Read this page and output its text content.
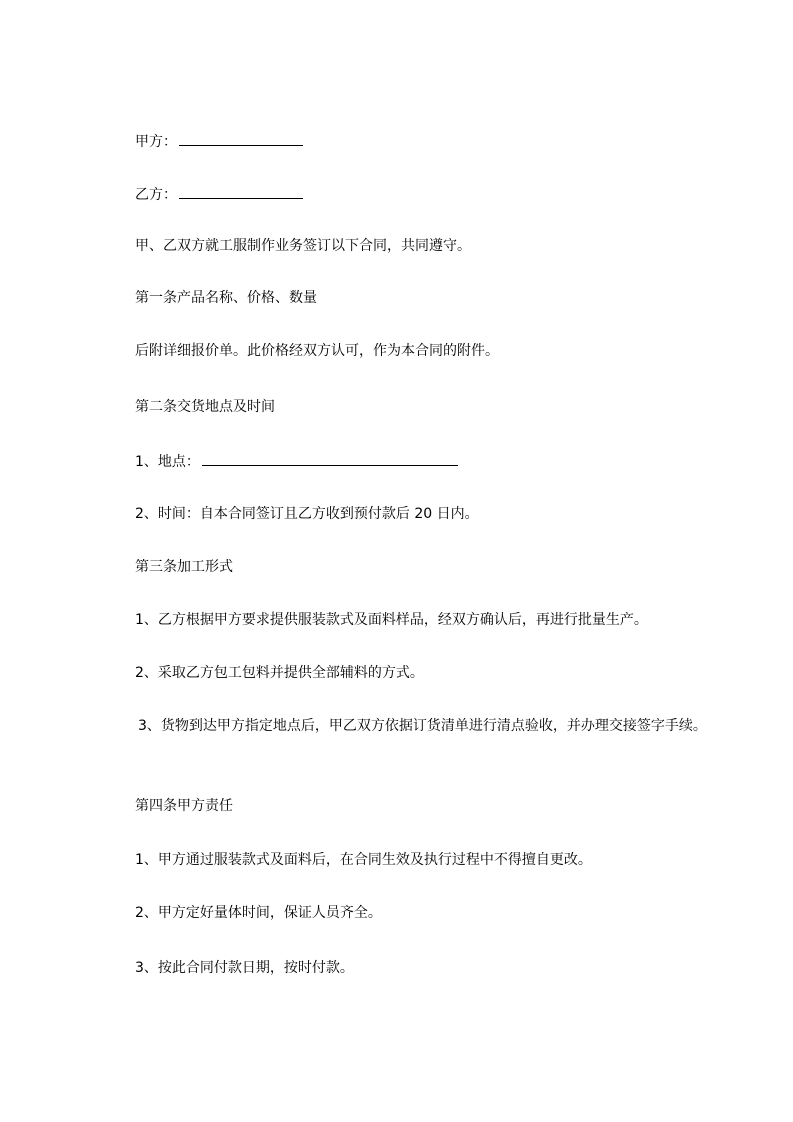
甲方：
乙方：
甲、乙双方就工服制作业务签订以下合同，共同遵守。
第一条产品名称、价格、数量
后附详细报价单。此价格经双方认可，作为本合同的附件。
第二条交货地点及时间
1、地点：
2、时间：自本合同签订且乙方收到预付款后 20 日内。
第三条加工形式
1、乙方根据甲方要求提供服装款式及面料样品，经双方确认后，再进行批量生产。
2、采取乙方包工包料并提供全部辅料的方式。
3、货物到达甲方指定地点后，甲乙双方依据订货清单进行清点验收，并办理交接签字手续。
第四条甲方责任
1、甲方通过服装款式及面料后，在合同生效及执行过程中不得擅自更改。
2、甲方定好量体时间，保证人员齐全。
3、按此合同付款日期，按时付款。
